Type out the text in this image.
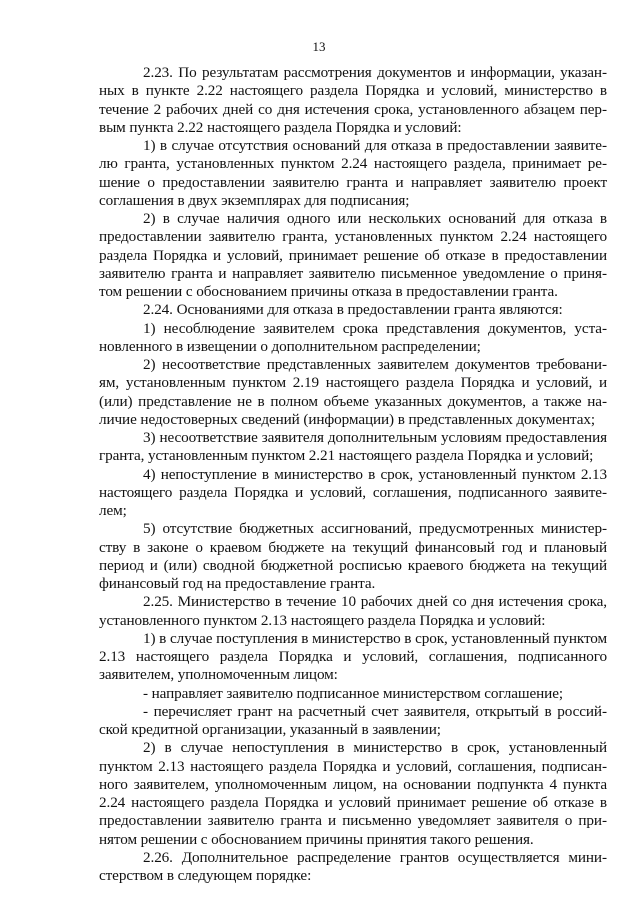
13

2.23. По результатам рассмотрения документов и информации, указанных в пункте 2.22 настоящего раздела Порядка и условий, министерство в течение 2 рабочих дней со дня истечения срока, установленного абзацем первым пункта 2.22 настоящего раздела Порядка и условий:

1) в случае отсутствия оснований для отказа в предоставлении заявителю гранта, установленных пунктом 2.24 настоящего раздела, принимает решение о предоставлении заявителю гранта и направляет заявителю проект соглашения в двух экземплярах для подписания;

2) в случае наличия одного или нескольких оснований для отказа в предоставлении заявителю гранта, установленных пунктом 2.24 настоящего раздела Порядка и условий, принимает решение об отказе в предоставлении заявителю гранта и направляет заявителю письменное уведомление о принятом решении с обоснованием причины отказа в предоставлении гранта.

2.24. Основаниями для отказа в предоставлении гранта являются:

1) несоблюдение заявителем срока представления документов, установленного в извещении о дополнительном распределении;

2) несоответствие представленных заявителем документов требованиям, установленным пунктом 2.19 настоящего раздела Порядка и условий, и (или) представление не в полном объеме указанных документов, а также наличие недостоверных сведений (информации) в представленных документах;

3) несоответствие заявителя дополнительным условиям предоставления гранта, установленным пунктом 2.21 настоящего раздела Порядка и условий;

4) непоступление в министерство в срок, установленный пунктом 2.13 настоящего раздела Порядка и условий, соглашения, подписанного заявителем;

5) отсутствие бюджетных ассигнований, предусмотренных министерству в законе о краевом бюджете на текущий финансовый год и плановый период и (или) сводной бюджетной росписью краевого бюджета на текущий финансовый год на предоставление гранта.

2.25. Министерство в течение 10 рабочих дней со дня истечения срока, установленного пунктом 2.13 настоящего раздела Порядка и условий:

1) в случае поступления в министерство в срок, установленный пунктом 2.13 настоящего раздела Порядка и условий, соглашения, подписанного заявителем, уполномоченным лицом:

- направляет заявителю подписанное министерством соглашение;

- перечисляет грант на расчетный счет заявителя, открытый в российской кредитной организации, указанный в заявлении;

2) в случае непоступления в министерство в срок, установленный пунктом 2.13 настоящего раздела Порядка и условий, соглашения, подписанного заявителем, уполномоченным лицом, на основании подпункта 4 пункта 2.24 настоящего раздела Порядка и условий принимает решение об отказе в предоставлении заявителю гранта и письменно уведомляет заявителя о принятом решении с обоснованием причины принятия такого решения.

2.26. Дополнительное распределение грантов осуществляется министерством в следующем порядке:
